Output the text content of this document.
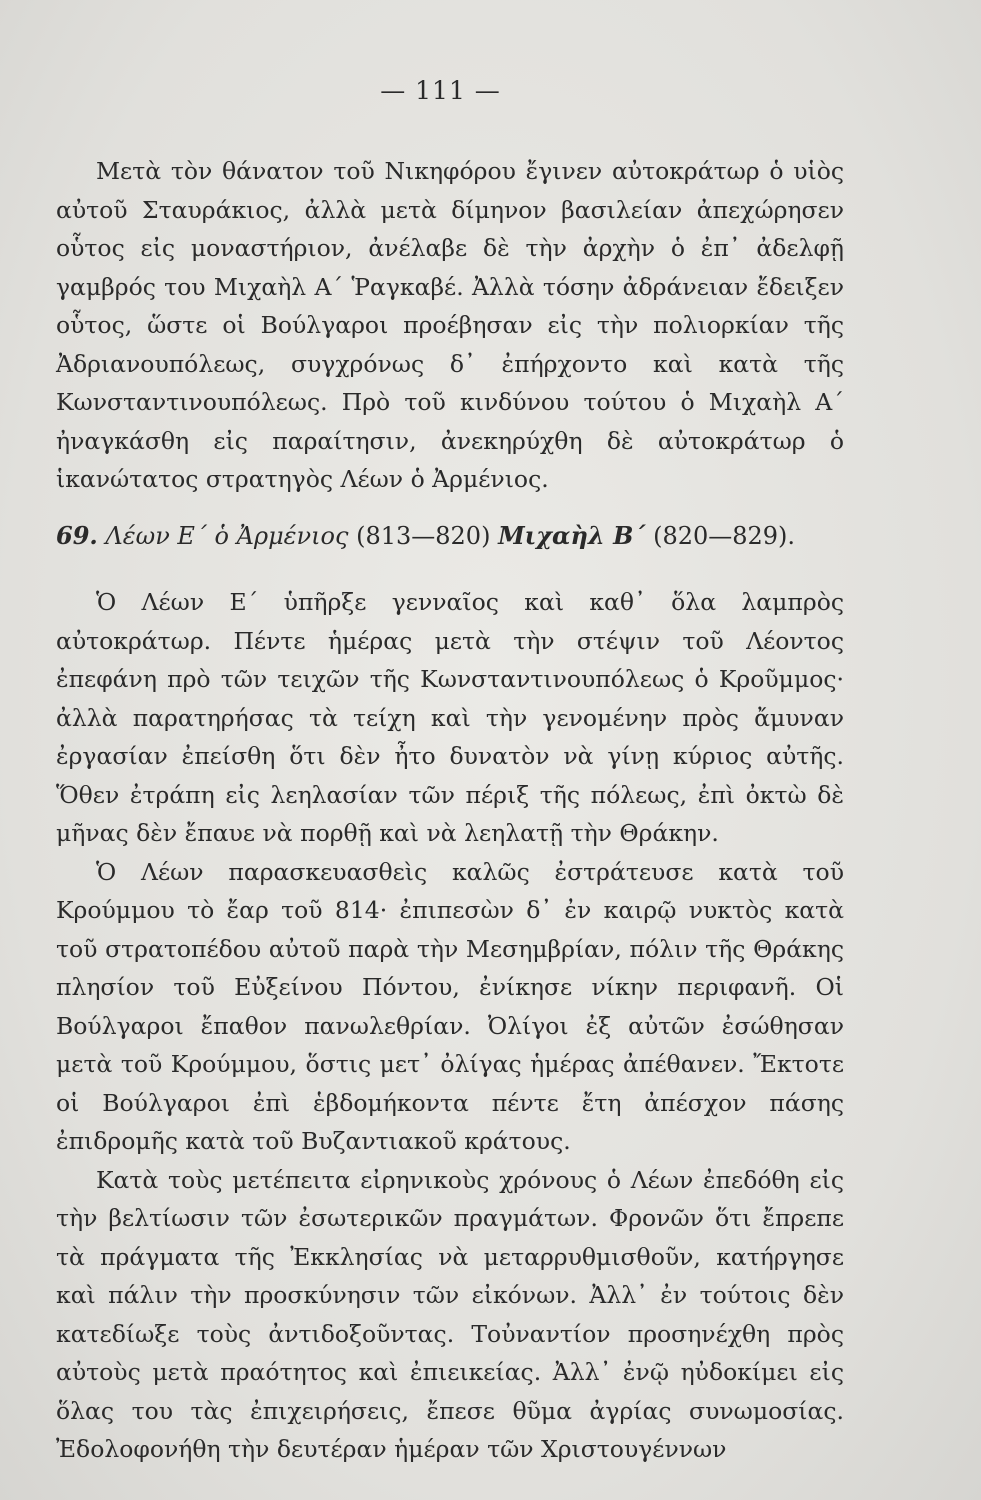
— 111 —

Μετὰ τὸν θάνατον τοῦ Νικηφόρου ἔγινεν αὐτοκράτωρ ὁ υἱὸς αὐτοῦ Σταυράκιος, ἀλλὰ μετὰ δίμηνον βασιλείαν ἀπεχώρησεν οὗτος εἰς μοναστήριον, ἀνέλαβε δὲ τὴν ἀρχὴν ὁ ἐπ᾽ ἀδελφῇ γαμβρός του Μιχαὴλ Α΄ Ῥαγκαβέ. Ἀλλὰ τόσην ἀδράνειαν ἔδειξεν οὗτος, ὥστε οἱ Βούλγαροι προέβησαν εἰς τὴν πολιορκίαν τῆς Ἀδριανουπόλεως, συγχρόνως δ᾽ ἐπήρχοντο καὶ κατὰ τῆς Κωνσταντινουπόλεως. Πρὸ τοῦ κινδύνου τούτου ὁ Μιχαὴλ Α΄ ἠναγκάσθη εἰς παραίτησιν, ἀνεκηρύχθη δὲ αὐτοκράτωρ ὁ ἱκανώτατος στρατηγὸς Λέων ὁ Ἀρμένιος.

69. Λέων Ε΄ ὁ Ἀρμένιος (813—820) Μιχαὴλ Β΄ (820—829).

Ὁ Λέων Ε΄ ὑπῆρξε γενναῖος καὶ καθ᾽ ὅλα λαμπρὸς αὐτοκράτωρ. Πέντε ἡμέρας μετὰ τὴν στέψιν τοῦ Λέοντος ἐπεφάνη πρὸ τῶν τειχῶν τῆς Κωνσταντινουπόλεως ὁ Κροῦμμος· ἀλλὰ παρατηρήσας τὰ τείχη καὶ τὴν γενομένην πρὸς ἄμυναν ἐργασίαν ἐπείσθη ὅτι δὲν ἦτο δυνατὸν νὰ γίνῃ κύριος αὐτῆς. Ὅθεν ἐτράπη εἰς λεηλασίαν τῶν πέριξ τῆς πόλεως, ἐπὶ ὀκτὼ δὲ μῆνας δὲν ἔπαυε νὰ πορθῇ καὶ νὰ λεηλατῇ τὴν Θράκην.

Ὁ Λέων παρασκευασθεὶς καλῶς ἐστράτευσε κατὰ τοῦ Κρούμμου τὸ ἔαρ τοῦ 814· ἐπιπεσὼν δ᾽ ἐν καιρῷ νυκτὸς κατὰ τοῦ στρατοπέδου αὐτοῦ παρὰ τὴν Μεσημβρίαν, πόλιν τῆς Θράκης πλησίον τοῦ Εὐξείνου Πόντου, ἐνίκησε νίκην περιφανῆ. Οἱ Βούλγαροι ἔπαθον πανωλεθρίαν. Ὀλίγοι ἐξ αὐτῶν ἐσώθησαν μετὰ τοῦ Κρούμμου, ὅστις μετ᾽ ὀλίγας ἡμέρας ἀπέθανεν. Ἔκτοτε οἱ Βούλγαροι ἐπὶ ἑβδομήκοντα πέντε ἔτη ἀπέσχον πάσης ἐπιδρομῆς κατὰ τοῦ Βυζαντιακοῦ κράτους.

Κατὰ τοὺς μετέπειτα εἰρηνικοὺς χρόνους ὁ Λέων ἐπεδόθη εἰς τὴν βελτίωσιν τῶν ἐσωτερικῶν πραγμάτων. Φρονῶν ὅτι ἔπρεπε τὰ πράγματα τῆς Ἐκκλησίας νὰ μεταρρυθμισθοῦν, κατήργησε καὶ πάλιν τὴν προσκύνησιν τῶν εἰκόνων. Ἀλλ᾽ ἐν τούτοις δὲν κατεδίωξε τοὺς ἀντιδοξοῦντας. Τοὐναντίον προσηνέχθη πρὸς αὐτοὺς μετὰ πραότητος καὶ ἐπιεικείας. Ἀλλ᾽ ἐνῷ ηὐδοκίμει εἰς ὅλας του τὰς ἐπιχειρήσεις, ἔπεσε θῦμα ἀγρίας συνωμοσίας. Ἐδολοφονήθη τὴν δευτέραν ἡμέραν τῶν Χριστουγέννων
